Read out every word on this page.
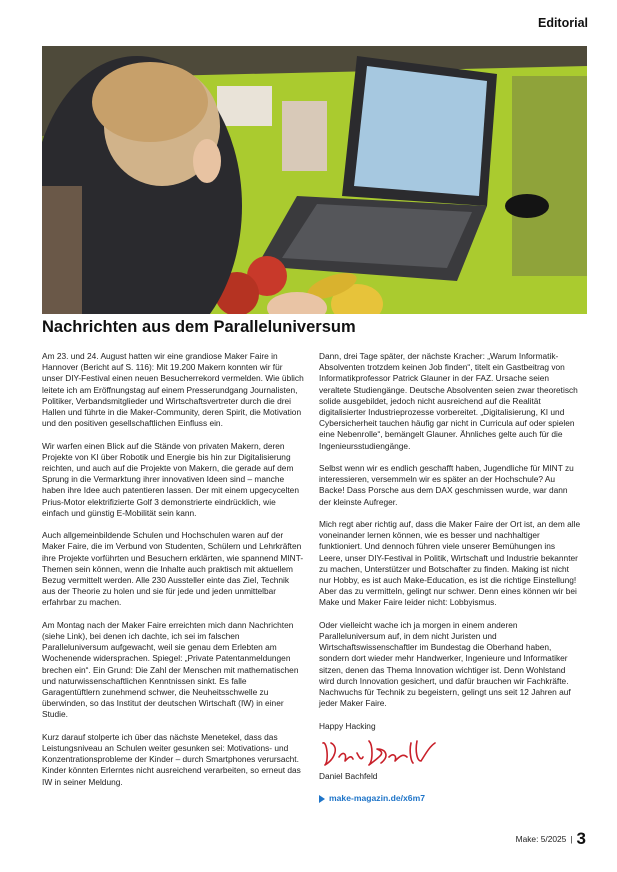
Editorial
Nachrichten aus dem Paralleluniversum

Am 23. und 24. August hatten wir eine grandiose Maker Faire in Hannover (Bericht auf S. 116): Mit 19.200 Makern konnten wir für unser DIY-Festival einen neuen Besucherrekord vermelden. Wie üblich leitete ich am Eröffnungstag auf einem Presserundgang Journalisten, Politiker, Verbandsmitglieder und Wirtschaftsvertreter durch die drei Hallen und führte in die Maker-Community, deren Spirit, die Motivation und den positiven gesellschaftlichen Einfluss ein.

Wir warfen einen Blick auf die Stände von privaten Makern, deren Projekte von KI über Robotik und Energie bis hin zur Digitalisierung reichten, und auch auf die Projekte von Makern, die gerade auf dem Sprung in die Vermarktung ihrer innovativen Ideen sind – manche haben ihre Idee auch patentieren lassen. Der mit einem upgecycelten Prius-Motor elektrifizierte Golf 3 demonstrierte eindrücklich, wie einfach und günstig E-Mobilität sein kann.

Auch allgemeinbildende Schulen und Hochschulen waren auf der Maker Faire, die im Verbund von Studenten, Schülern und Lehrkräften ihre Projekte vorführten und Besuchern erklärten, wie spannend MINT-Themen sein können, wenn die Inhalte auch praktisch mit aktuellem Bezug vermittelt werden. Alle 230 Aussteller einte das Ziel, Technik aus der Theorie zu holen und sie für jede und jeden unmittelbar erfahrbar zu machen.

Am Montag nach der Maker Faire erreichten mich dann Nachrichten (siehe Link), bei denen ich dachte, ich sei im falschen Paralleluniversum aufgewacht, weil sie genau dem Erlebten am Wochenende widersprachen. Spiegel: „Private Patentanmeldungen brechen ein“. Ein Grund: Die Zahl der Menschen mit mathematischen und naturwissenschaftlichen Kenntnissen sinkt. Es falle Garagentüftlern zunehmend schwer, die Neuheitsschwelle zu überwinden, so das Institut der deutschen Wirtschaft (IW) in einer Studie.

Kurz darauf stolperte ich über das nächste Menetekel, dass das Leistungsniveau an Schulen weiter gesunken sei: Motivations- und Konzentrationsprobleme der Kinder – durch Smartphones verursacht. Kinder könnten Erlerntes nicht ausreichend verarbeiten, so erneut das IW in seiner Meldung.

Dann, drei Tage später, der nächste Kracher: „Warum Informatik-Absolventen trotzdem keinen Job finden“, titelt ein Gastbeitrag von Informatikprofessor Patrick Glauner in der FAZ. Ursache seien veraltete Studiengänge. Deutsche Absolventen seien zwar theoretisch solide ausgebildet, jedoch nicht ausreichend auf die Realität digitalisierter Industrieprozesse vorbereitet. „Digitalisierung, KI und Cybersicherheit tauchen häufig gar nicht in Curricula auf oder spielen eine Nebenrolle“, bemängelt Glauner. Ähnliches gelte auch für die Ingenieursstudiengänge.

Selbst wenn wir es endlich geschafft haben, Jugendliche für MINT zu interessieren, versemmeln wir es später an der Hochschule? Au Backe! Dass Porsche aus dem DAX geschmissen wurde, war dann der kleinste Aufreger.

Mich regt aber richtig auf, dass die Maker Faire der Ort ist, an dem alle voneinander lernen können, wie es besser und nachhaltiger funktioniert. Und dennoch führen viele unserer Bemühungen ins Leere, unser DIY-Festival in Politik, Wirtschaft und Industrie bekannter zu machen, Unterstützer und Botschafter zu finden. Making ist nicht nur Hobby, es ist auch Make-Education, es ist die richtige Einstellung! Aber das zu vermitteln, gelingt nur schwer. Denn eines können wir bei Make und Maker Faire leider nicht: Lobbyismus.

Oder vielleicht wache ich ja morgen in einem anderen Paralleluniversum auf, in dem nicht Juristen und Wirtschaftswissenschaftler im Bundestag die Oberhand haben, sondern dort wieder mehr Handwerker, Ingenieure und Informatiker sitzen, denen das Thema Innovation wichtiger ist. Denn Wohlstand wird durch Innovation gesichert, und dafür brauchen wir Fachkräfte. Nachwuchs für Technik zu begeistern, gelingt uns seit 12 Jahren auf jeder Maker Faire.

Happy Hacking
Daniel Bachfeld
make-magazin.de/x6m7
Make: 5/2025 | 3
